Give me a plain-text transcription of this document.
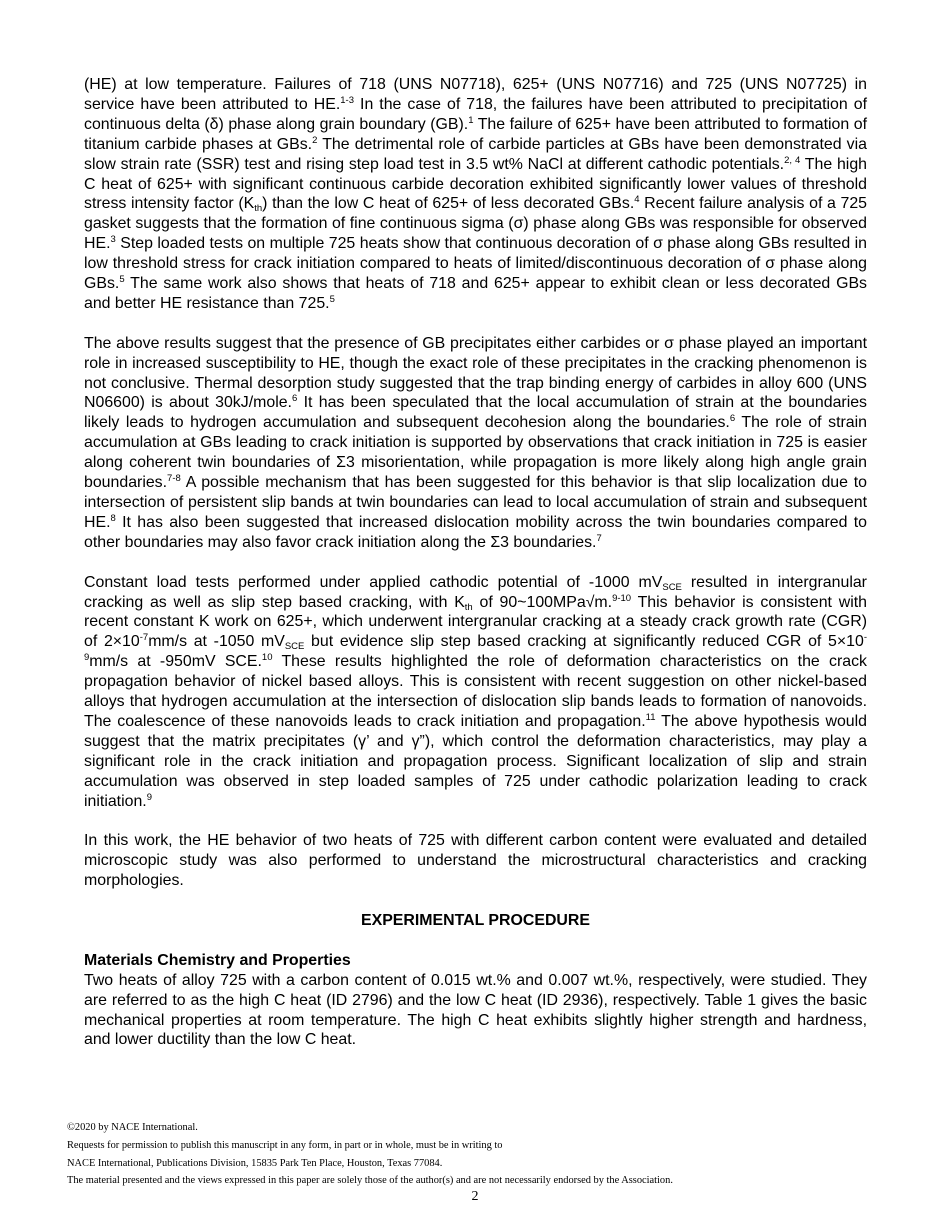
(HE) at low temperature. Failures of 718 (UNS N07718), 625+ (UNS N07716) and 725 (UNS N07725) in service have been attributed to HE.$^{1-3}$ In the case of 718, the failures have been attributed to precipitation of continuous delta (δ) phase along grain boundary (GB).$^1$ The failure of 625+ have been attributed to formation of titanium carbide phases at GBs.$^2$ The detrimental role of carbide particles at GBs have been demonstrated via slow strain rate (SSR) test and rising step load test in 3.5 wt% NaCl at different cathodic potentials.$^{2, 4}$ The high C heat of 625+ with significant continuous carbide decoration exhibited significantly lower values of threshold stress intensity factor $(K_{th})$ than the low C heat of 625+ of less decorated GBs.$^4$ Recent failure analysis of a 725 gasket suggests that the formation of fine continuous sigma (σ) phase along GBs was responsible for observed HE.$^3$ Step loaded tests on multiple 725 heats show that continuous decoration of σ phase along GBs resulted in low threshold stress for crack initiation compared to heats of limited/discontinuous decoration of σ phase along GBs.$^5$ The same work also shows that heats of 718 and 625+ appear to exhibit clean or less decorated GBs and better HE resistance than 725.$^5$

The above results suggest that the presence of GB precipitates either carbides or σ phase played an important role in increased susceptibility to HE, though the exact role of these precipitates in the cracking phenomenon is not conclusive. Thermal desorption study suggested that the trap binding energy of carbides in alloy 600 (UNS N06600) is about 30kJ/mole.$^6$ It has been speculated that the local accumulation of strain at the boundaries likely leads to hydrogen accumulation and subsequent decohesion along the boundaries.$^6$ The role of strain accumulation at GBs leading to crack initiation is supported by observations that crack initiation in 725 is easier along coherent twin boundaries of Σ3 misorientation, while propagation is more likely along high angle grain boundaries.$^{7-8}$ A possible mechanism that has been suggested for this behavior is that slip localization due to intersection of persistent slip bands at twin boundaries can lead to local accumulation of strain and subsequent HE.$^8$ It has also been suggested that increased dislocation mobility across the twin boundaries compared to other boundaries may also favor crack initiation along the Σ3 boundaries.$^7$

Constant load tests performed under applied cathodic potential of -1000 $mV_{SCE}$ resulted in intergranular cracking as well as slip step based cracking, with $K_{th}$ of 90~100MPa√m.$^{9-10}$ This behavior is consistent with recent constant K work on 625+, which underwent intergranular cracking at a steady crack growth rate (CGR) of $2\times 10^{-7}mm/s$ at -1050 $mV_{SCE}$ but evidence slip step based cracking at significantly reduced CGR of $5\times 10^{-9}mm/s$ at -950mV SCE.$^{10}$ These results highlighted the role of deformation characteristics on the crack propagation behavior of nickel based alloys. This is consistent with recent suggestion on other nickel-based alloys that hydrogen accumulation at the intersection of dislocation slip bands leads to formation of nanovoids. The coalescence of these nanovoids leads to crack initiation and propagation.$^{11}$ The above hypothesis would suggest that the matrix precipitates (γ’ and γ”), which control the deformation characteristics, may play a significant role in the crack initiation and propagation process. Significant localization of slip and strain accumulation was observed in step loaded samples of 725 under cathodic polarization leading to crack initiation.$^9$

In this work, the HE behavior of two heats of 725 with different carbon content were evaluated and detailed microscopic study was also performed to understand the microstructural characteristics and cracking morphologies.

EXPERIMENTAL PROCEDURE

Materials Chemistry and Properties

Two heats of alloy 725 with a carbon content of 0.015 wt.% and 0.007 wt.%, respectively, were studied. They are referred to as the high C heat (ID 2796) and the low C heat (ID 2936), respectively. Table 1 gives the basic mechanical properties at room temperature. The high C heat exhibits slightly higher strength and hardness, and lower ductility than the low C heat.

©2020 by NACE International.
Requests for permission to publish this manuscript in any form, in part or in whole, must be in writing to
NACE International, Publications Division, 15835 Park Ten Place, Houston, Texas 77084.
The material presented and the views expressed in this paper are solely those of the author(s) and are not necessarily endorsed by the Association.
2
